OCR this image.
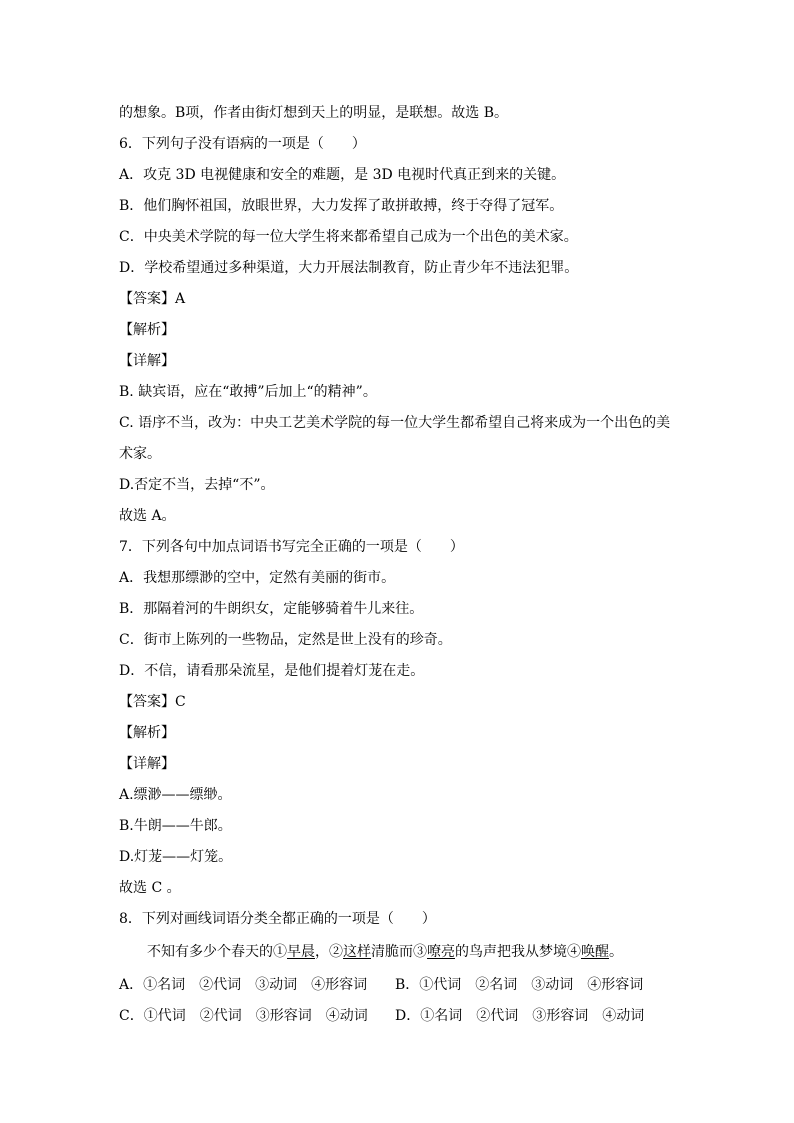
的想象。B项，作者由街灯想到天上的明显，是联想。故选 B。
6．下列句子没有语病的一项是（　　）
A．攻克 3D 电视健康和安全的难题，是 3D 电视时代真正到来的关键。
B．他们胸怀祖国，放眼世界，大力发挥了敢拼敢搏，终于夺得了冠军。
C．中央美术学院的每一位大学生将来都希望自己成为一个出色的美术家。
D．学校希望通过多种渠道，大力开展法制教育，防止青少年不违法犯罪。
【答案】A
【解析】
【详解】
B. 缺宾语，应在“敢搏”后加上“的精神”。
C. 语序不当，改为：中央工艺美术学院的每一位大学生都希望自己将来成为一个出色的美
术家。
D.否定不当，去掉“不”。
故选 A。
7．下列各句中加点词语书写完全正确的一项是（　　）
A．我想那缥渺的空中，定然有美丽的街市。
B．那隔着河的牛朗织女，定能够骑着牛儿来往。
C．街市上陈列的一些物品，定然是世上没有的珍奇。
D．不信，请看那朵流星，是他们提着灯茏在走。
【答案】C
【解析】
【详解】
A.缥渺——缥缈。
B.牛朗——牛郎。
D.灯茏——灯笼。
故选 C 。
8．下列对画线词语分类全都正确的一项是（　　）
不知有多少个春天的①早晨，②这样清脆而③嘹亮的鸟声把我从梦境④唤醒。
A．①名词　②代词　③动词　④形容词 B．①代词　②名词　③动词　④形容词
C．①代词　②代词　③形容词　④动词 D．①名词　②代词　③形容词　④动词
